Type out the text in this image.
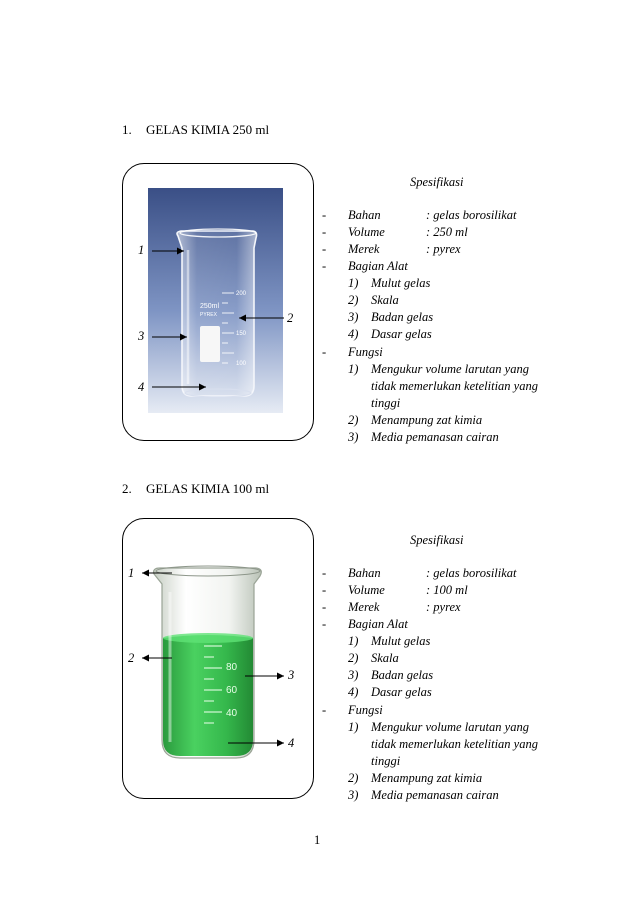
1. GELAS KIMIA 250 ml
250ml
PYREX
200
150
100
1
2
3
4
Spesifikasi
- Bahan	: gelas borosilikat
- Volume	: 250 ml
- Merek	: pyrex
- Bagian Alat
1) Mulut gelas
2) Skala
3) Badan gelas
4) Dasar gelas
- Fungsi
1) Mengukur volume larutan yang
tidak memerlukan ketelitian yang
tinggi
2) Menampung zat kimia
3) Media pemanasan cairan
2. GELAS KIMIA 100 ml
80
60
40
1
2
3
4
Spesifikasi
- Bahan	: gelas borosilikat
- Volume	: 100 ml
- Merek	: pyrex
- Bagian Alat
1) Mulut gelas
2) Skala
3) Badan gelas
4) Dasar gelas
- Fungsi
1) Mengukur volume larutan yang
tidak memerlukan ketelitian yang
tinggi
2) Menampung zat kimia
3) Media pemanasan cairan
1
